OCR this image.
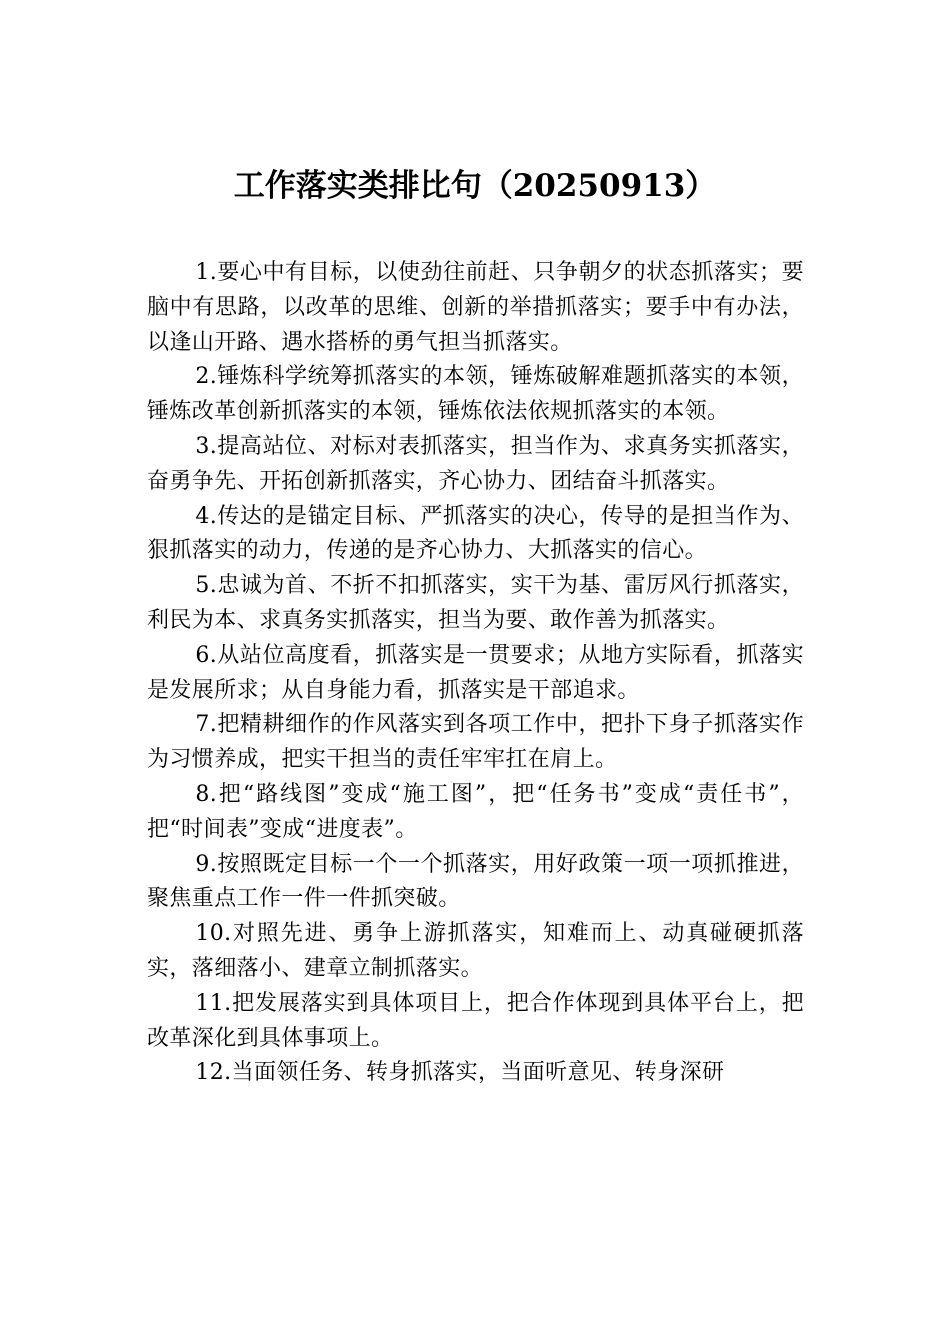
工作落实类排比句（20250913）

1.要心中有目标，以使劲往前赶、只争朝夕的状态抓落实；要脑中有思路，以改革的思维、创新的举措抓落实；要手中有办法，以逢山开路、遇水搭桥的勇气担当抓落实。

2.锤炼科学统筹抓落实的本领，锤炼破解难题抓落实的本领，锤炼改革创新抓落实的本领，锤炼依法依规抓落实的本领。

3.提高站位、对标对表抓落实，担当作为、求真务实抓落实，奋勇争先、开拓创新抓落实，齐心协力、团结奋斗抓落实。

4.传达的是锚定目标、严抓落实的决心，传导的是担当作为、狠抓落实的动力，传递的是齐心协力、大抓落实的信心。

5.忠诚为首、不折不扣抓落实，实干为基、雷厉风行抓落实，利民为本、求真务实抓落实，担当为要、敢作善为抓落实。

6.从站位高度看，抓落实是一贯要求；从地方实际看，抓落实是发展所求；从自身能力看，抓落实是干部追求。

7.把精耕细作的作风落实到各项工作中，把扑下身子抓落实作为习惯养成，把实干担当的责任牢牢扛在肩上。

8.把“路线图”变成“施工图”，把“任务书”变成“责任书”，把“时间表”变成“进度表”。

9.按照既定目标一个一个抓落实，用好政策一项一项抓推进，聚焦重点工作一件一件抓突破。

10.对照先进、勇争上游抓落实，知难而上、动真碰硬抓落实，落细落小、建章立制抓落实。

11.把发展落实到具体项目上，把合作体现到具体平台上，把改革深化到具体事项上。

12.当面领任务、转身抓落实，当面听意见、转身深研
